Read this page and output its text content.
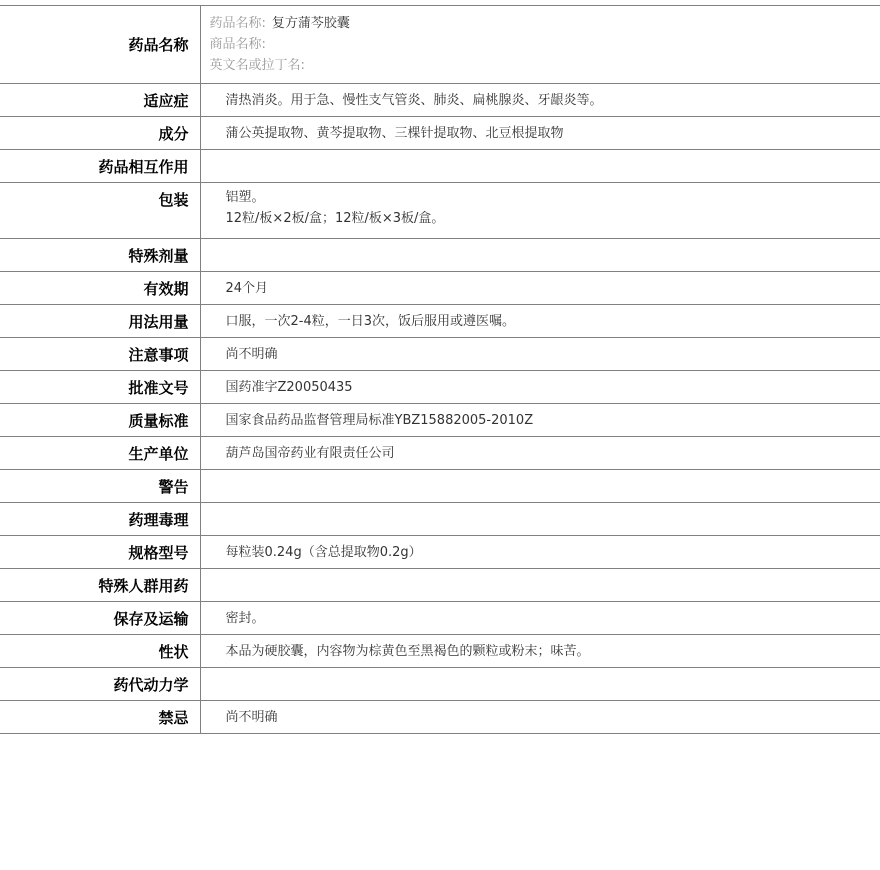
药品名称	药品名称: 复方蒲芩胶囊
商品名称:
英文名或拉丁名:

适应症	清热消炎。用于急、慢性支气管炎、肺炎、扁桃腺炎、牙龈炎等。
成分	蒲公英提取物、黄芩提取物、三棵针提取物、北豆根提取物
药品相互作用	
包装	铝塑。
12粒/板×2板/盒；12粒/板×3板/盒。

特殊剂量	
有效期	24个月
用法用量	口服，一次2-4粒，一日3次，饭后服用或遵医嘱。
注意事项	尚不明确
批准文号	国药准字Z20050435
质量标准	国家食品药品监督管理局标准YBZ15882005-2010Z
生产单位	葫芦岛国帝药业有限责任公司
警告	
药理毒理	
规格型号	每粒装0.24g（含总提取物0.2g）
特殊人群用药	
保存及运输	密封。
性状	本品为硬胶囊，内容物为棕黄色至黑褐色的颗粒或粉末；味苦。
药代动力学	
禁忌	尚不明确
